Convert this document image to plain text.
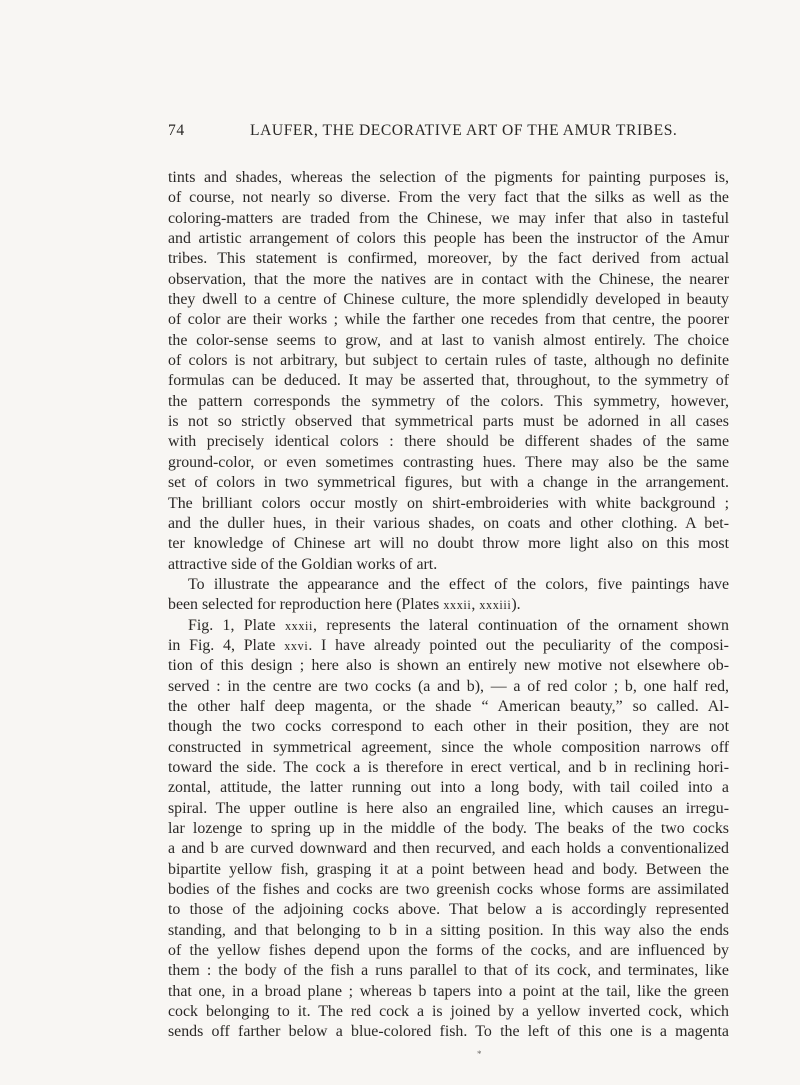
74	LAUFER, THE DECORATIVE ART OF THE AMUR TRIBES.
tints and shades, whereas the selection of the pigments for painting purposes is,
of course, not nearly so diverse. From the very fact that the silks as well as the
coloring-matters are traded from the Chinese, we may infer that also in tasteful
and artistic arrangement of colors this people has been the instructor of the Amur
tribes. This statement is confirmed, moreover, by the fact derived from actual
observation, that the more the natives are in contact with the Chinese, the nearer
they dwell to a centre of Chinese culture, the more splendidly developed in beauty
of color are their works ; while the farther one recedes from that centre, the poorer
the color-sense seems to grow, and at last to vanish almost entirely. The choice
of colors is not arbitrary, but subject to certain rules of taste, although no definite
formulas can be deduced. It may be asserted that, throughout, to the symmetry of
the pattern corresponds the symmetry of the colors. This symmetry, however,
is not so strictly observed that symmetrical parts must be adorned in all cases
with precisely identical colors : there should be different shades of the same
ground-color, or even sometimes contrasting hues. There may also be the same
set of colors in two symmetrical figures, but with a change in the arrangement.
The brilliant colors occur mostly on shirt-embroideries with white background ;
and the duller hues, in their various shades, on coats and other clothing. A bet-
ter knowledge of Chinese art will no doubt throw more light also on this most
attractive side of the Goldian works of art.
To illustrate the appearance and the effect of the colors, five paintings have
been selected for reproduction here (Plates xxxii, xxxiii).
Fig. 1, Plate xxxii, represents the lateral continuation of the ornament shown
in Fig. 4, Plate xxvi. I have already pointed out the peculiarity of the composi-
tion of this design ; here also is shown an entirely new motive not elsewhere ob-
served : in the centre are two cocks (a and b), — a of red color ; b, one half red,
the other half deep magenta, or the shade “ American beauty,” so called. Al-
though the two cocks correspond to each other in their position, they are not
constructed in symmetrical agreement, since the whole composition narrows off
toward the side. The cock a is therefore in erect vertical, and b in reclining hori-
zontal, attitude, the latter running out into a long body, with tail coiled into a
spiral. The upper outline is here also an engrailed line, which causes an irregu-
lar lozenge to spring up in the middle of the body. The beaks of the two cocks
a and b are curved downward and then recurved, and each holds a conventionalized
bipartite yellow fish, grasping it at a point between head and body. Between the
bodies of the fishes and cocks are two greenish cocks whose forms are assimilated
to those of the adjoining cocks above. That below a is accordingly represented
standing, and that belonging to b in a sitting position. In this way also the ends
of the yellow fishes depend upon the forms of the cocks, and are influenced by
them : the body of the fish a runs parallel to that of its cock, and terminates, like
that one, in a broad plane ; whereas b tapers into a point at the tail, like the green
cock belonging to it. The red cock a is joined by a yellow inverted cock, which
sends off farther below a blue-colored fish. To the left of this one is a magenta
*
